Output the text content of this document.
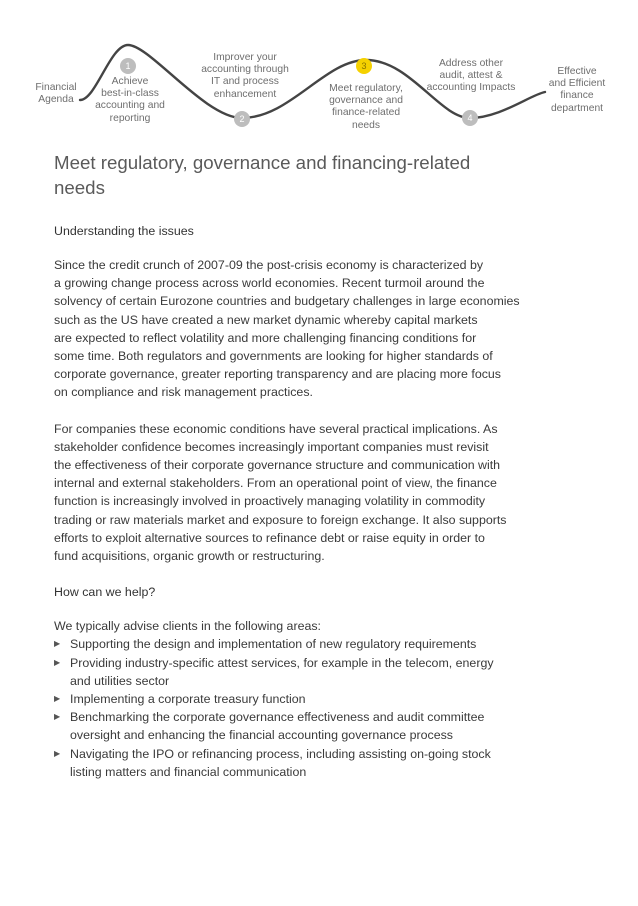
Financial
Agenda
1
Achieve
best-in-class
accounting and
reporting
Improver your
accounting through
IT and process
enhancement
2
3
Meet regulatory,
governance and
finance-related
needs
Address other
audit, attest &
accounting Impacts
4
Effective
and Efficient
finance
department
Meet regulatory, governance and financing-related
needs
Understanding the issues

Since the credit crunch of 2007-09 the post-crisis economy is characterized by
a growing change process across world economies. Recent turmoil around the
solvency of certain Eurozone countries and budgetary challenges in large economies
such as the US have created a new market dynamic whereby capital markets
are expected to reflect volatility and more challenging financing conditions for
some time. Both regulators and governments are looking for higher standards of
corporate governance, greater reporting transparency and are placing more focus
on compliance and risk management practices.

For companies these economic conditions have several practical implications. As
stakeholder confidence becomes increasingly important companies must revisit
the effectiveness of their corporate governance structure and communication with
internal and external stakeholders. From an operational point of view, the finance
function is increasingly involved in proactively managing volatility in commodity
trading or raw materials market and exposure to foreign exchange. It also supports
efforts to exploit alternative sources to refinance debt or raise equity in order to
fund acquisitions, organic growth or restructuring.

How can we help?

We typically advise clients in the following areas:

▶ Supporting the design and implementation of new regulatory requirements
▶ Providing industry-specific attest services, for example in the telecom, energy
and utilities sector
▶ Implementing a corporate treasury function
▶ Benchmarking the corporate governance effectiveness and audit committee
oversight and enhancing the financial accounting governance process
▶ Navigating the IPO or refinancing process, including assisting on-going stock
listing matters and financial communication
